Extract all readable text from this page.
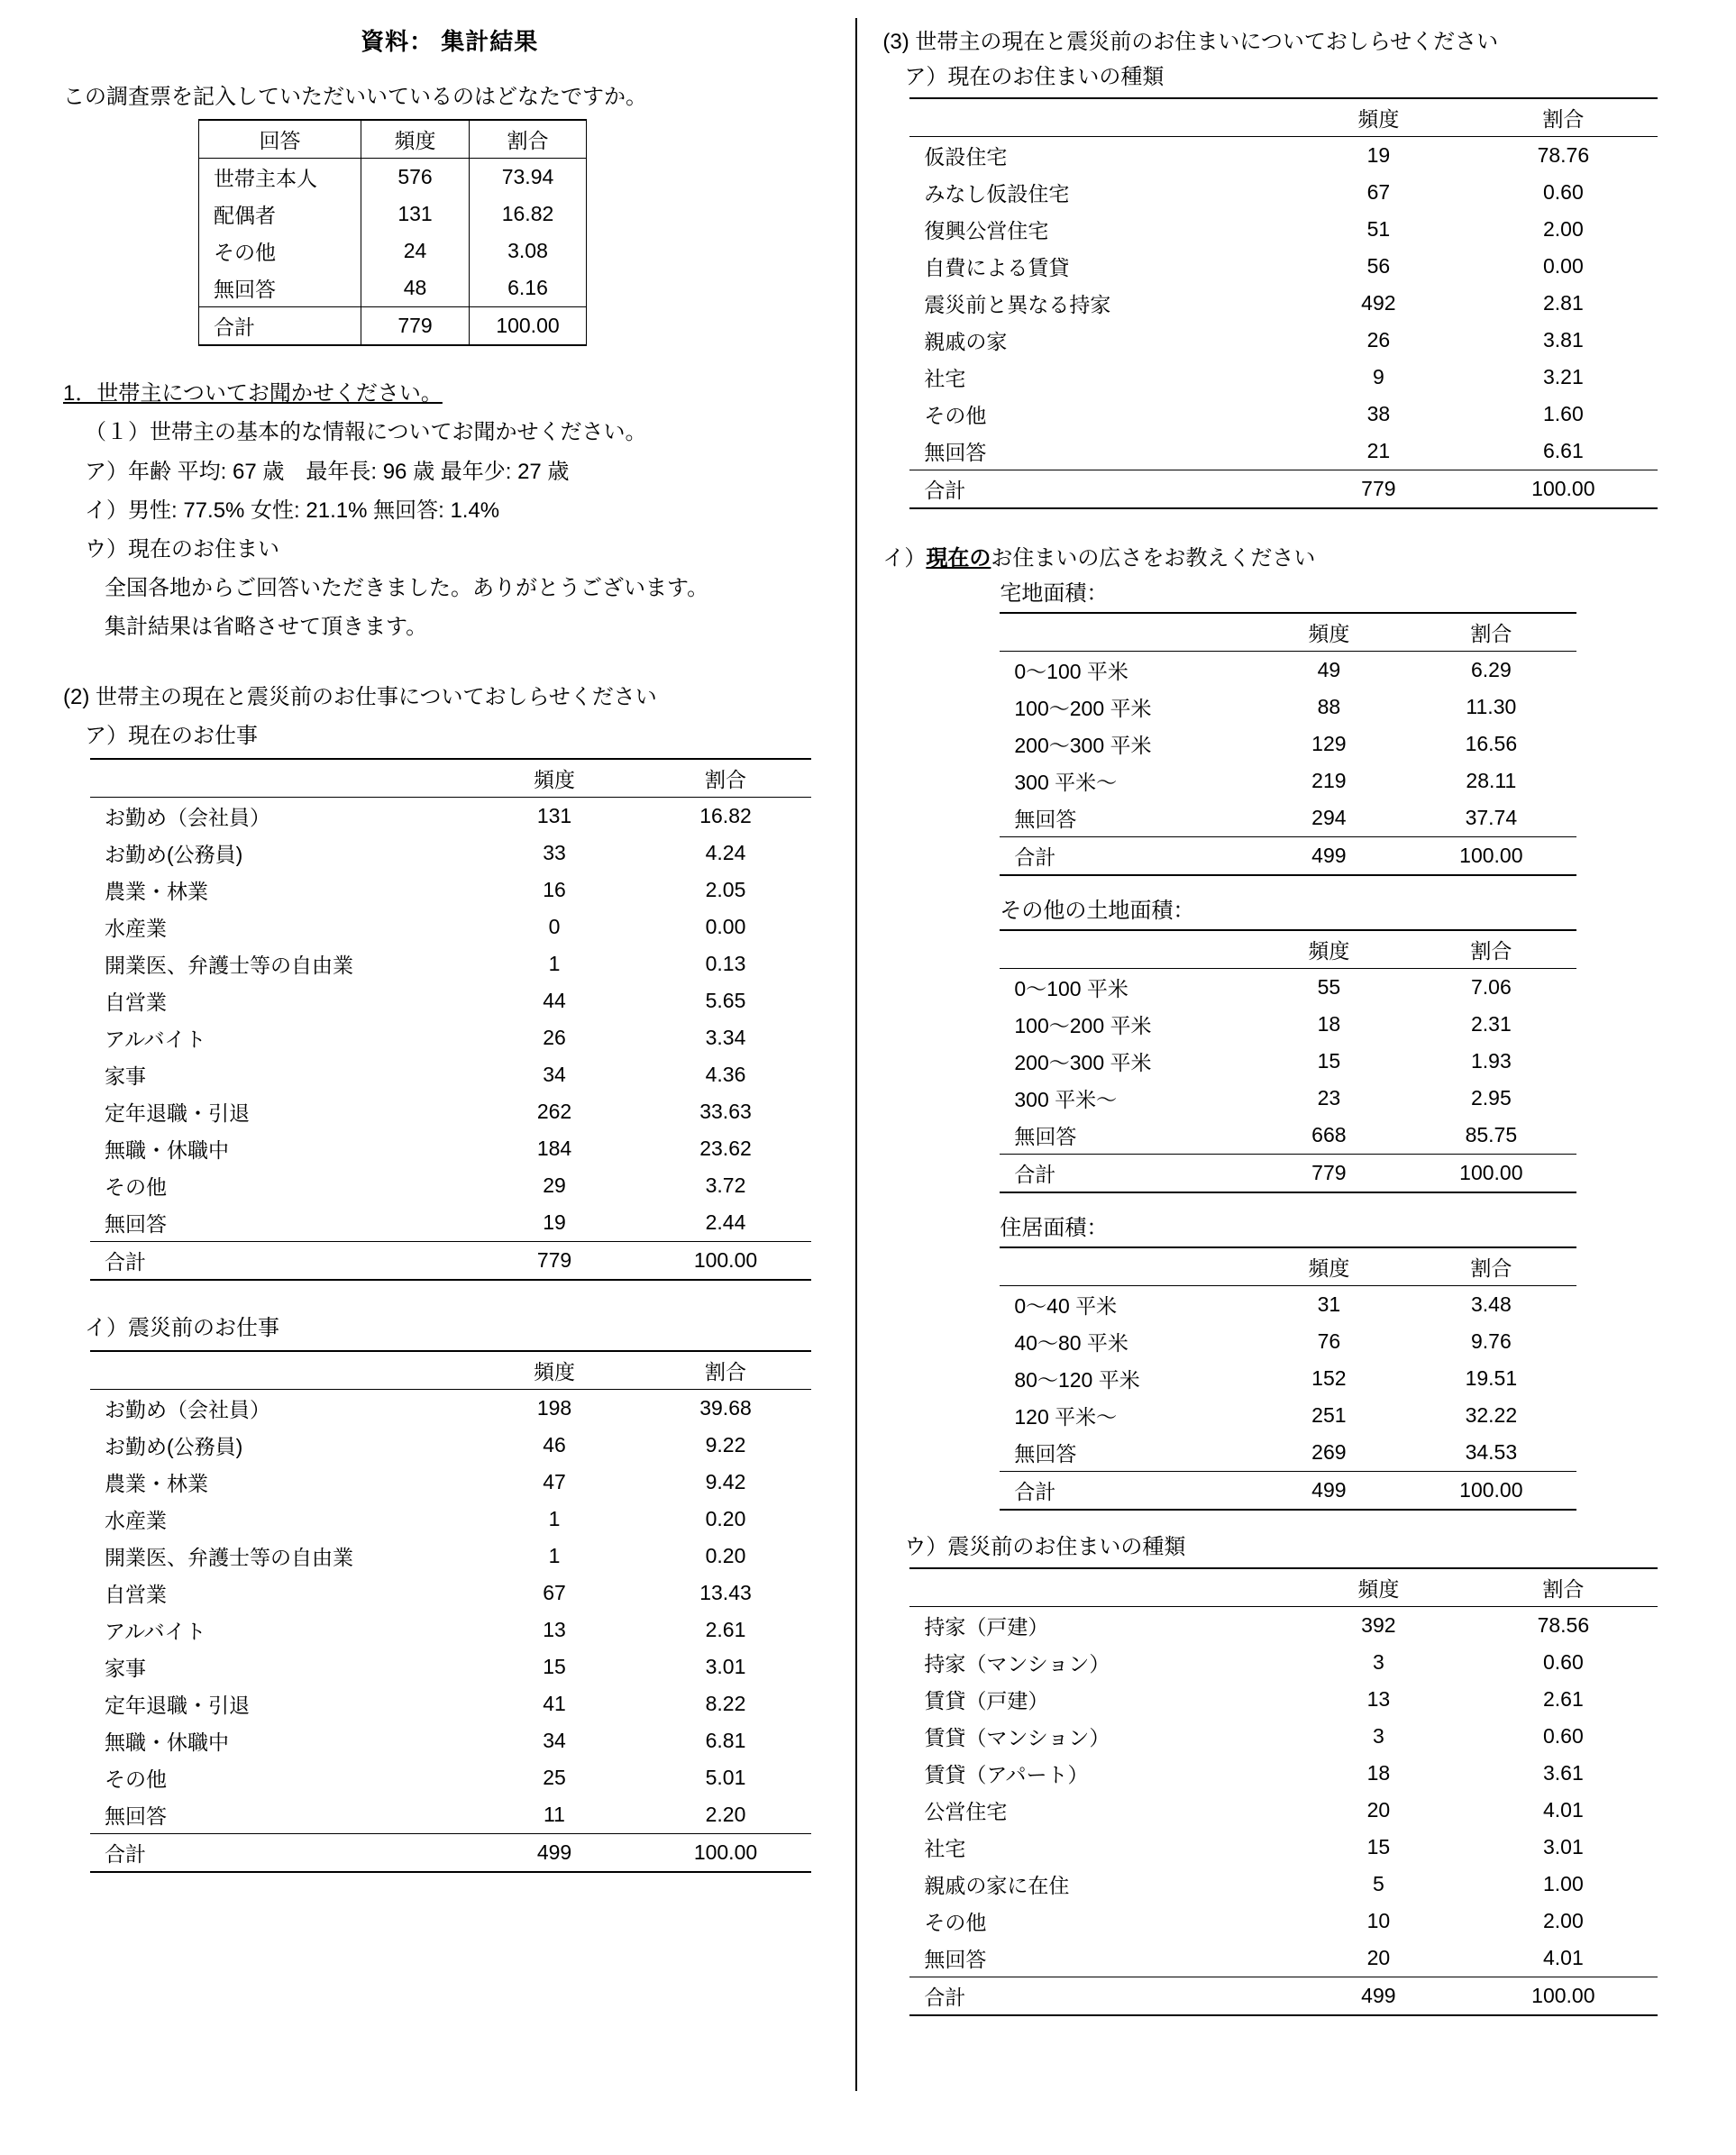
資料： 集計結果
この調査票を記入していただいいているのはどなたですか。
回答	頻度	割合
世帯主本人	576	73.94
配偶者	131	16.82
その他	24	3.08
無回答	48	6.16
合計	779	100.00
1．世帯主についてお聞かせください。
（１）世帯主の基本的な情報についてお聞かせください。
ア）年齢 平均: 67 歳　最年長: 96 歳 最年少: 27 歳
イ）男性: 77.5% 女性: 21.1% 無回答: 1.4%
ウ）現在のお住まい
全国各地からご回答いただきました。ありがとうございます。
集計結果は省略させて頂きます。
(2) 世帯主の現在と震災前のお仕事についておしらせください
ア）現在のお仕事
	頻度	割合
お勤め（会社員）	131	16.82
お勤め(公務員)	33	4.24
農業・林業	16	2.05
水産業	0	0.00
開業医、弁護士等の自由業	1	0.13
自営業	44	5.65
アルバイト	26	3.34
家事	34	4.36
定年退職・引退	262	33.63
無職・休職中	184	23.62
その他	29	3.72
無回答	19	2.44
合計	779	100.00
イ）震災前のお仕事
	頻度	割合
お勤め（会社員）	198	39.68
お勤め(公務員)	46	9.22
農業・林業	47	9.42
水産業	1	0.20
開業医、弁護士等の自由業	1	0.20
自営業	67	13.43
アルバイト	13	2.61
家事	15	3.01
定年退職・引退	41	8.22
無職・休職中	34	6.81
その他	25	5.01
無回答	11	2.20
合計	499	100.00
(3) 世帯主の現在と震災前のお住まいについておしらせください
ア）現在のお住まいの種類
	頻度	割合
仮設住宅	19	78.76
みなし仮設住宅	67	0.60
復興公営住宅	51	2.00
自費による賃貸	56	0.00
震災前と異なる持家	492	2.81
親戚の家	26	3.81
社宅	9	3.21
その他	38	1.60
無回答	21	6.61
合計	779	100.00
イ）現在のお住まいの広さをお教えください
宅地面積：
	頻度	割合
0〜100 平米	49	6.29
100〜200 平米	88	11.30
200〜300 平米	129	16.56
300 平米〜	219	28.11
無回答	294	37.74
合計	499	100.00
その他の土地面積：
	頻度	割合
0〜100 平米	55	7.06
100〜200 平米	18	2.31
200〜300 平米	15	1.93
300 平米〜	23	2.95
無回答	668	85.75
合計	779	100.00
住居面積：
	頻度	割合
0〜40 平米	31	3.48
40〜80 平米	76	9.76
80〜120 平米	152	19.51
120 平米〜	251	32.22
無回答	269	34.53
合計	499	100.00
ウ）震災前のお住まいの種類
	頻度	割合
持家（戸建）	392	78.56
持家（マンション）	3	0.60
賃貸（戸建）	13	2.61
賃貸（マンション）	3	0.60
賃貸（アパート）	18	3.61
公営住宅	20	4.01
社宅	15	3.01
親戚の家に在住	5	1.00
その他	10	2.00
無回答	20	4.01
合計	499	100.00
